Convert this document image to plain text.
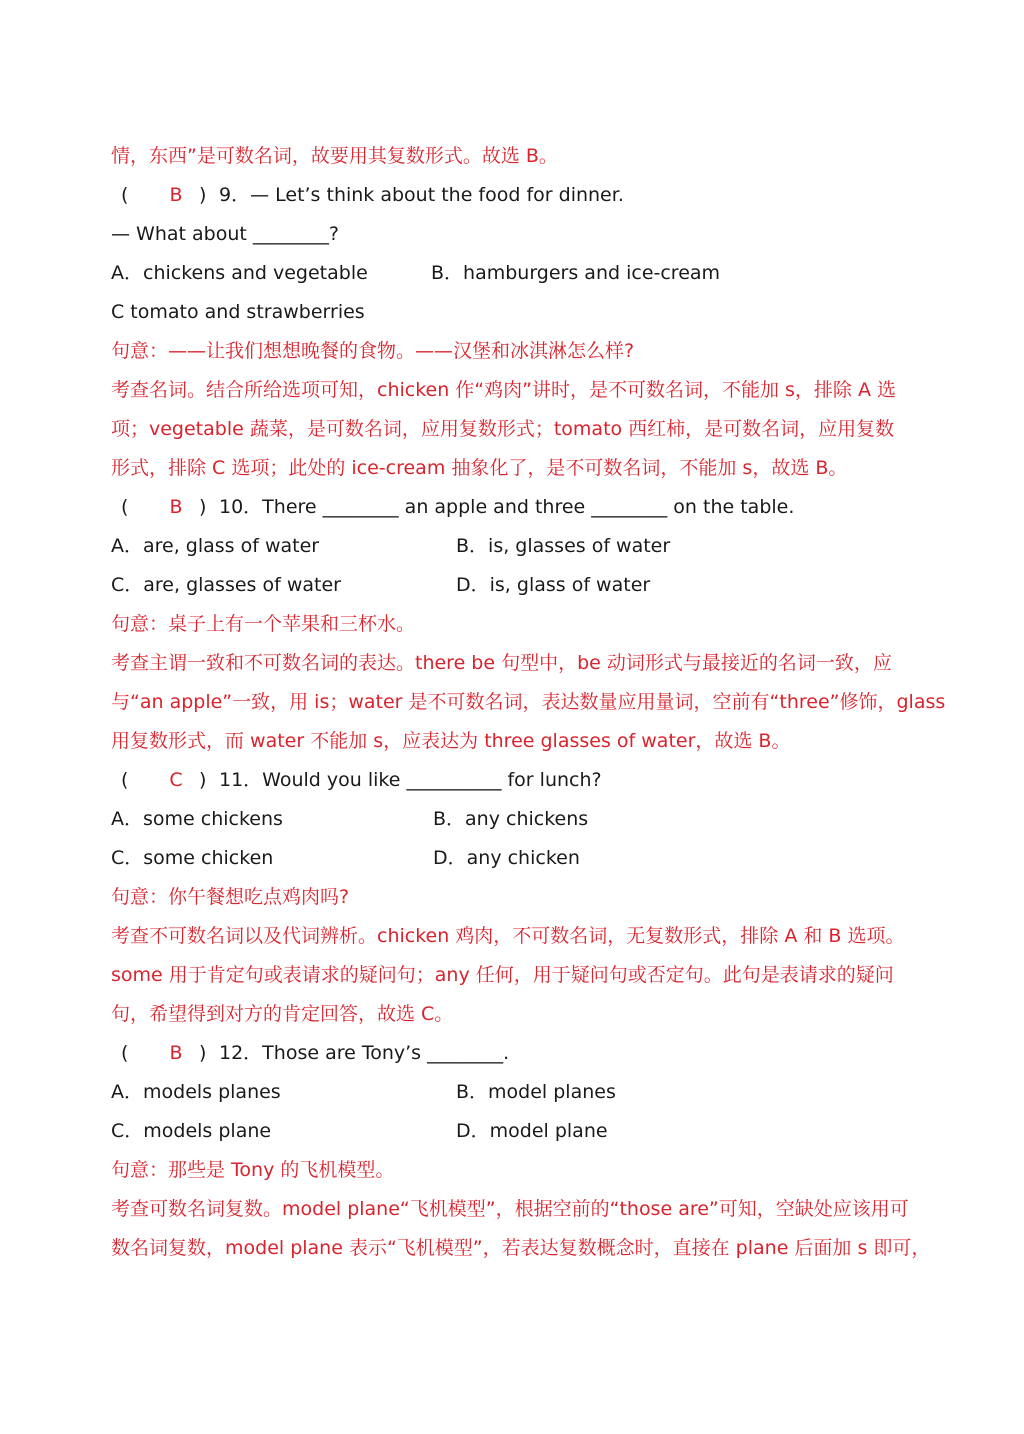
情，东西”是可数名词，故要用其复数形式。故选 B。
( B ) 9．— Let’s think about the food for dinner.
— What about ________?
A．chickens and vegetable	B．hamburgers and ice-cream
C tomato and strawberries
句意：——让我们想想晚餐的食物。——汉堡和冰淇淋怎么样?
考查名词。结合所给选项可知，chicken 作“鸡肉”讲时，是不可数名词，不能加 s，排除 A 选
项；vegetable 蔬菜，是可数名词，应用复数形式；tomato 西红柿，是可数名词，应用复数
形式，排除 C 选项；此处的 ice-cream 抽象化了，是不可数名词，不能加 s，故选 B。
( B ) 10．There ________ an apple and three ________ on the table.
A．are, glass of water	B．is, glasses of water
C．are, glasses of water	D．is, glass of water
句意：桌子上有一个苹果和三杯水。
考查主谓一致和不可数名词的表达。there be 句型中，be 动词形式与最接近的名词一致，应
与“an apple”一致，用 is；water 是不可数名词，表达数量应用量词，空前有“three”修饰，glass
用复数形式，而 water 不能加 s，应表达为 three glasses of water，故选 B。
( C ) 11．Would you like __________ for lunch?
A．some chickens	B．any chickens
C．some chicken	D．any chicken
句意：你午餐想吃点鸡肉吗?
考查不可数名词以及代词辨析。chicken 鸡肉，不可数名词，无复数形式，排除 A 和 B 选项。
some 用于肯定句或表请求的疑问句；any 任何，用于疑问句或否定句。此句是表请求的疑问
句，希望得到对方的肯定回答，故选 C。
( B ) 12．Those are Tony’s ________.
A．models planes	B．model planes
C．models plane	D．model plane
句意：那些是 Tony 的飞机模型。
考查可数名词复数。model plane“飞机模型”，根据空前的“those are”可知，空缺处应该用可
数名词复数，model plane 表示“飞机模型”，若表达复数概念时，直接在 plane 后面加 s 即可，
